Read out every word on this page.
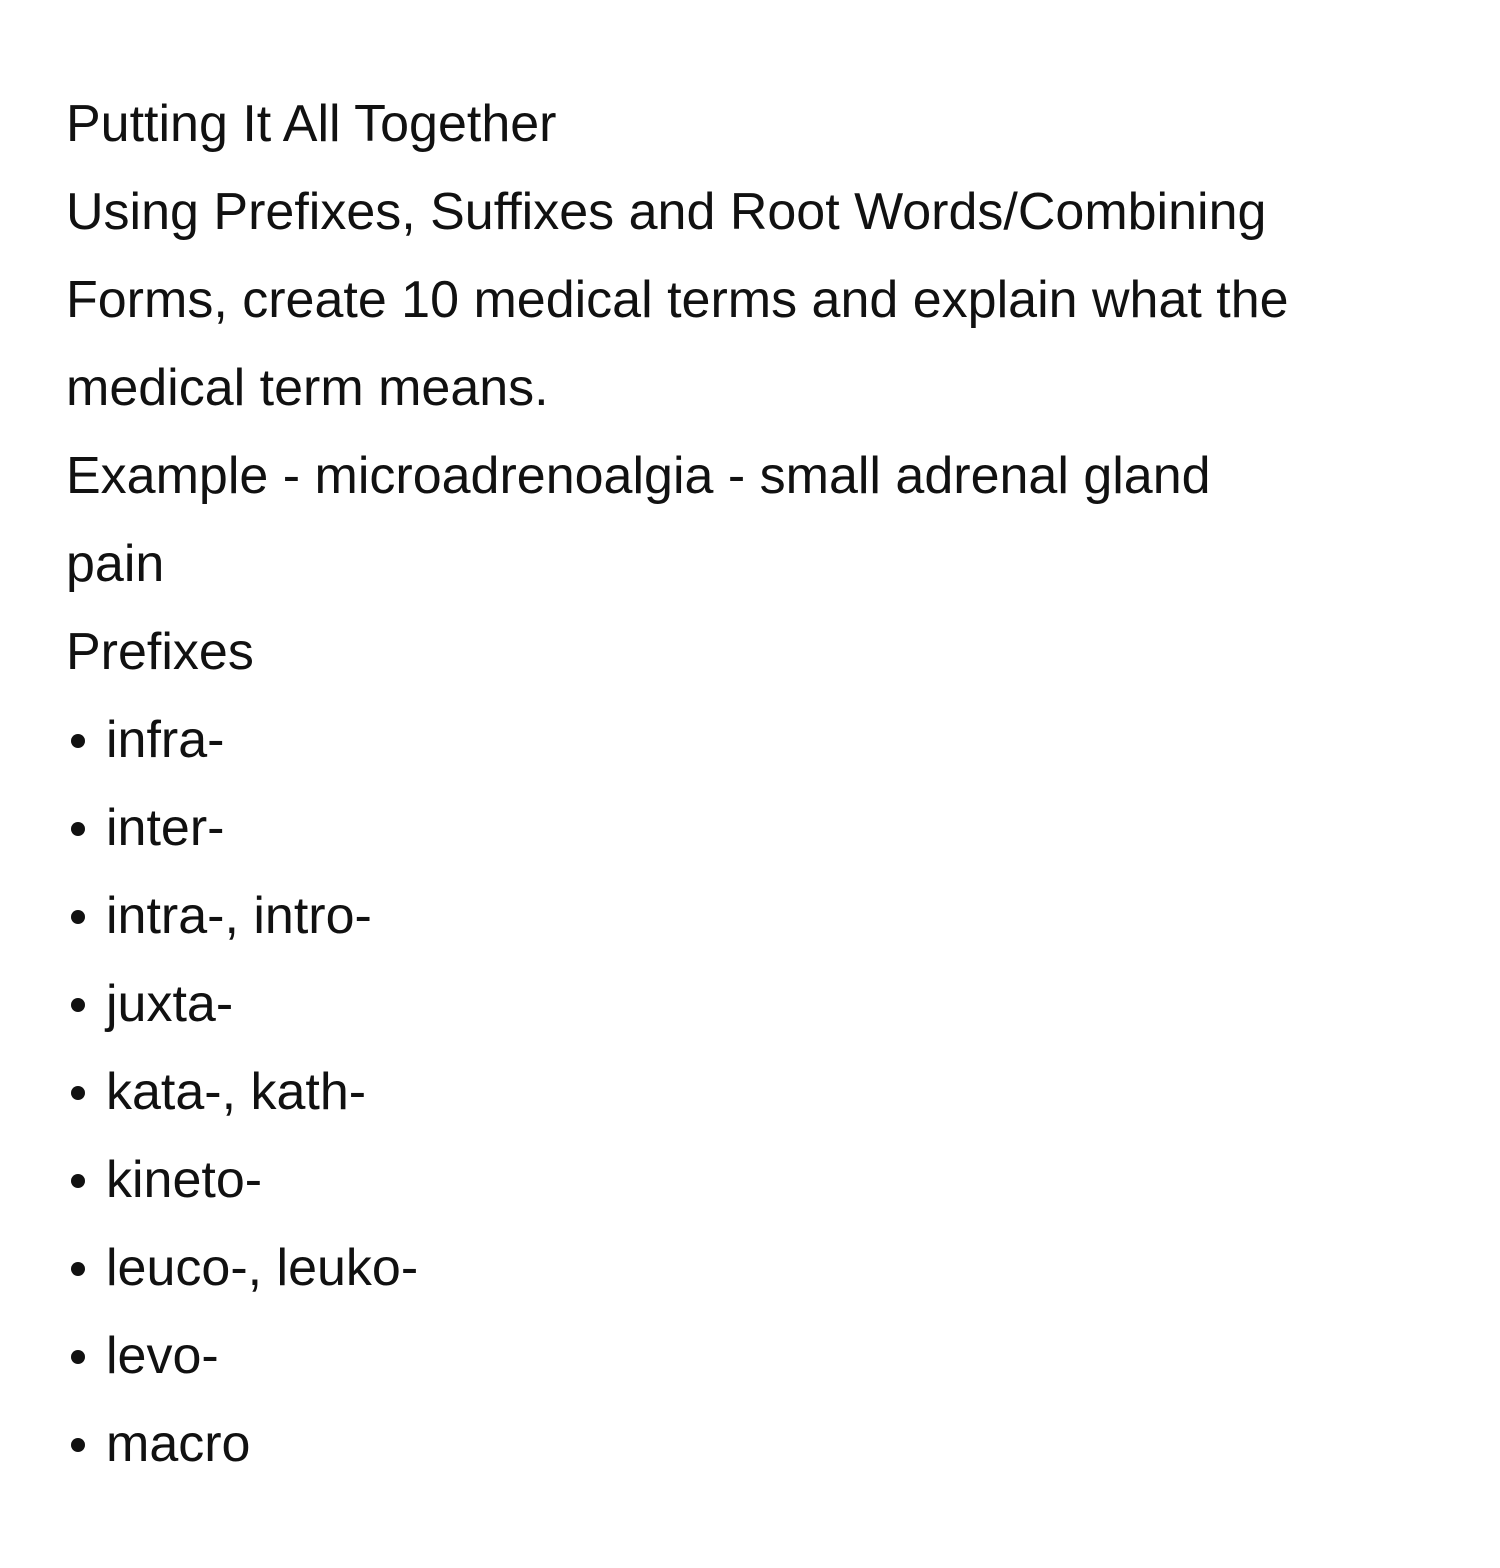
Putting It All Together

Using Prefixes, Suffixes and Root Words/Combining

Forms, create 10 medical terms and explain what the

medical term means.

Example - microadrenoalgia - small adrenal gland

pain

Prefixes

infra-
inter-
intra-, intro-
juxta-
kata-, kath-
kineto-
leuco-, leuko-
levo-
macro
